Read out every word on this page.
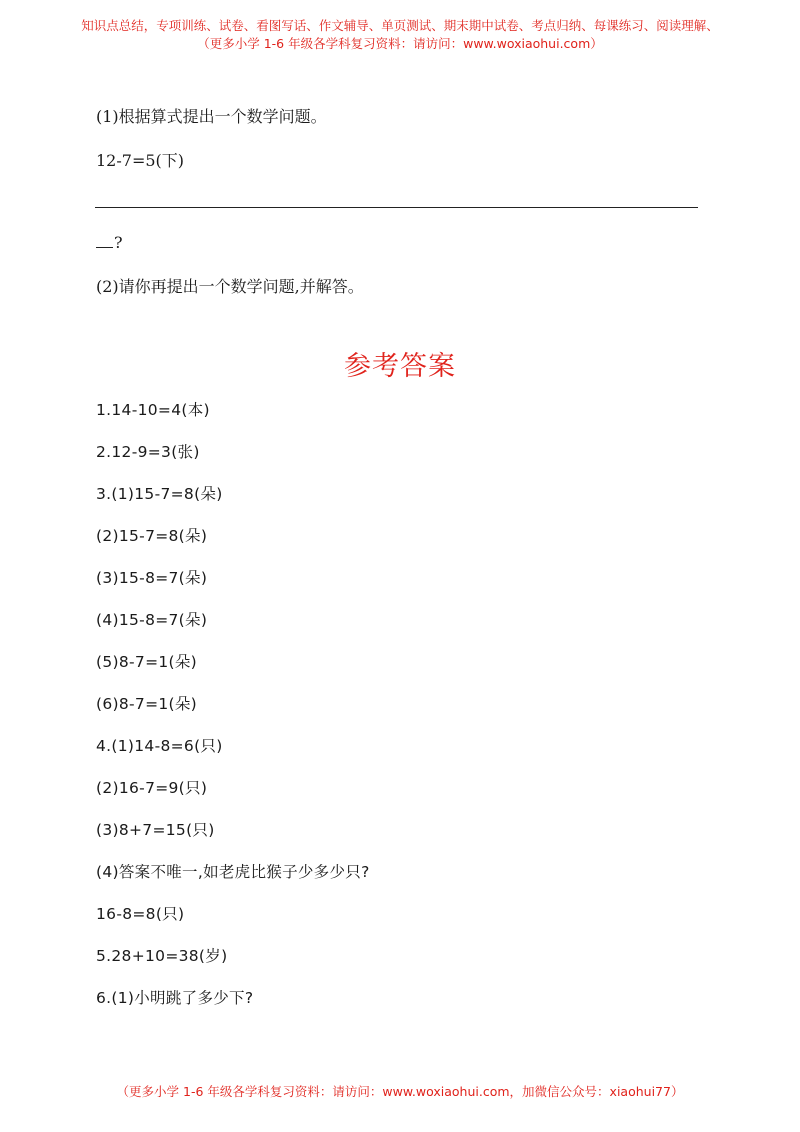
知识点总结，专项训练、试卷、看图写话、作文辅导、单页测试、期末期中试卷、考点归纳、每课练习、阅读理解、
（更多小学 1-6 年级各学科复习资料：请访问：www.woxiaohui.com）
(1)根据算式提出一个数学问题。
12-7=5(下)
?
(2)请你再提出一个数学问题,并解答。
参考答案
1.14-10=4(本)
2.12-9=3(张)
3.(1)15-7=8(朵)
(2)15-7=8(朵)
(3)15-8=7(朵)
(4)15-8=7(朵)
(5)8-7=1(朵)
(6)8-7=1(朵)
4.(1)14-8=6(只)
(2)16-7=9(只)
(3)8+7=15(只)
(4)答案不唯一,如老虎比猴子少多少只?
16-8=8(只)
5.28+10=38(岁)
6.(1)小明跳了多少下?
（更多小学 1-6 年级各学科复习资料：请访问：www.woxiaohui.com，加微信公众号：xiaohui77）
